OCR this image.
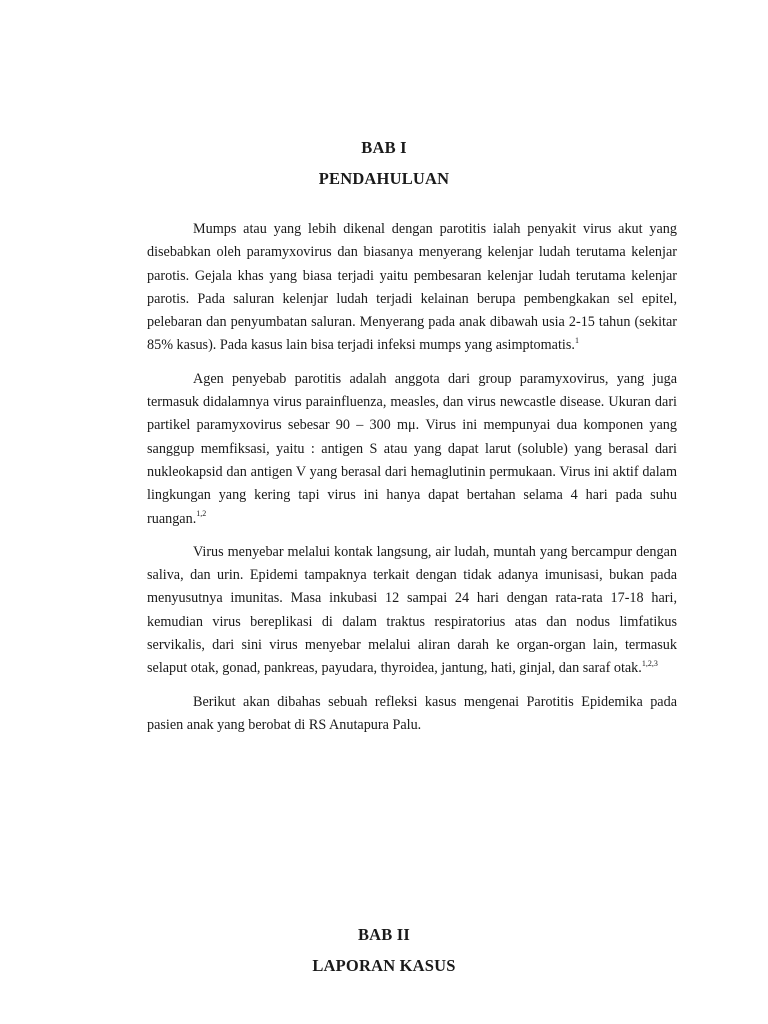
BAB I
PENDAHULUAN

Mumps atau yang lebih dikenal dengan parotitis ialah penyakit virus akut yang disebabkan oleh paramyxovirus dan biasanya menyerang kelenjar ludah terutama kelenjar parotis. Gejala khas yang biasa terjadi yaitu pembesaran kelenjar ludah terutama kelenjar parotis. Pada saluran kelenjar ludah terjadi kelainan berupa pembengkakan sel epitel, pelebaran dan penyumbatan saluran. Menyerang pada anak dibawah usia 2-15 tahun (sekitar 85% kasus). Pada kasus lain bisa terjadi infeksi mumps yang asimptomatis.$^1$

Agen penyebab parotitis adalah anggota dari group paramyxovirus, yang juga termasuk didalamnya virus parainfluenza, measles, dan virus newcastle disease. Ukuran dari partikel paramyxovirus sebesar 90 – 300 mμ. Virus ini mempunyai dua komponen yang sanggup memfiksasi, yaitu : antigen S atau yang dapat larut (soluble) yang berasal dari nukleokapsid dan antigen V yang berasal dari hemaglutinin permukaan. Virus ini aktif dalam lingkungan yang kering tapi virus ini hanya dapat bertahan selama 4 hari pada suhu ruangan.$^{1,2}$

Virus menyebar melalui kontak langsung, air ludah, muntah yang bercampur dengan saliva, dan urin. Epidemi tampaknya terkait dengan tidak adanya imunisasi, bukan pada menyusutnya imunitas. Masa inkubasi 12 sampai 24 hari dengan rata-rata 17-18 hari, kemudian virus bereplikasi di dalam traktus respiratorius atas dan nodus limfatikus servikalis, dari sini virus menyebar melalui aliran darah ke organ-organ lain, termasuk selaput otak, gonad, pankreas, payudara, thyroidea, jantung, hati, ginjal, dan saraf otak.$^{1,2,3}$

Berikut akan dibahas sebuah refleksi kasus mengenai Parotitis Epidemika pada pasien anak yang berobat di RS Anutapura Palu.

BAB II
LAPORAN KASUS
